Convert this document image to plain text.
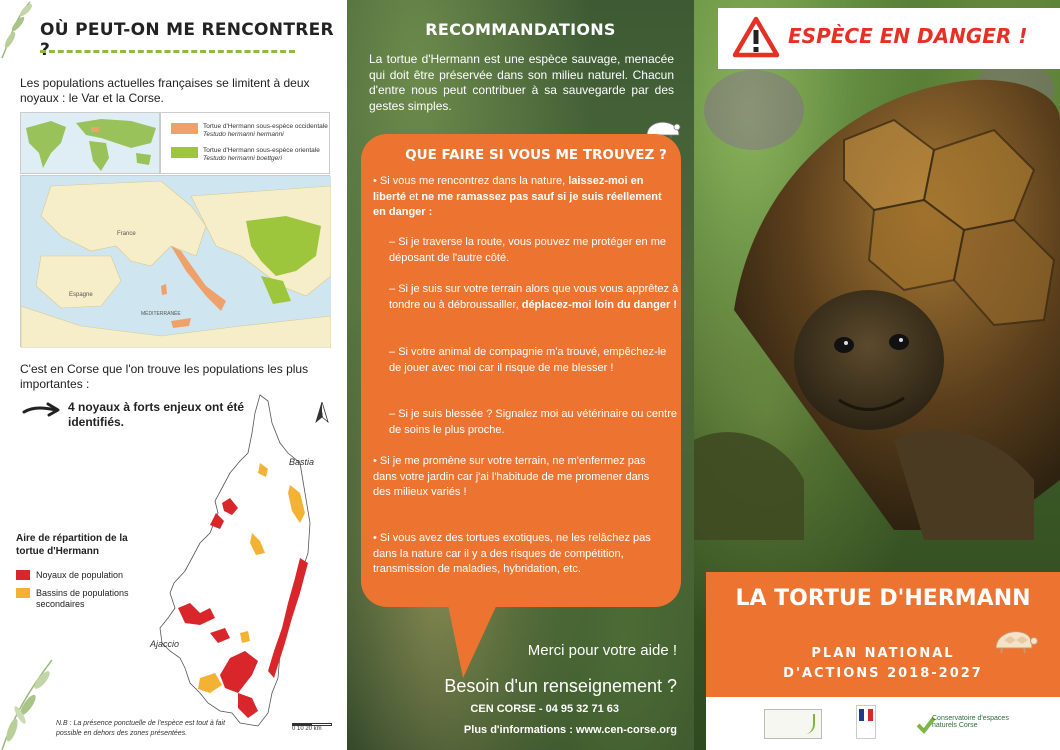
OÙ PEUT-ON ME RENCONTRER ?

Les populations actuelles françaises se limitent à deux noyaux : le Var et la Corse.

Tortue d'Hermann sous-espèce occidentale
Testudo hermanni hermanni
Tortue d'Hermann sous-espèce orientale
Testudo hermanni boettgeri
France
Espagne
MÉDITERRANÉE

C'est en Corse que l'on trouve les populations les plus importantes :

4 noyaux à forts enjeux ont été identifiés.	N
Bastia
Ajaccio

Aire de répartition de la tortue d'Hermann

Noyaux de population
Bassins de populations secondaires

N.B : La présence ponctuelle de l'espèce est tout à fait possible en dehors des zones présentées.

0 10 20 km
RECOMMANDATIONS

La tortue d'Hermann est une espèce sauvage, menacée qui doit être préservée dans son milieu naturel. Chacun d'entre nous peut contribuer à sa sauvegarde par des gestes simples.

QUE FAIRE SI VOUS ME TROUVEZ ?
• Si vous me rencontrez dans la nature, laissez-moi en liberté et ne me ramassez pas sauf si je suis réellement en danger :
– Si je traverse la route, vous pouvez me protéger en me déposant de l'autre côté.
– Si je suis sur votre terrain alors que vous vous apprêtez à tondre ou à débroussailler, déplacez-moi loin du danger !
– Si votre animal de compagnie m'a trouvé, empêchez-le de jouer avec moi car il risque de me blesser !
– Si je suis blessée ? Signalez moi au vétérinaire ou centre de soins le plus proche.
• Si je me promène sur votre terrain, ne m'enfermez pas dans votre jardin car j'ai l'habitude de me promener dans des milieux variés !
• Si vous avez des tortues exotiques, ne les relâchez pas dans la nature car il y a des risques de compétition, transmission de maladies, hybridation, etc.

Merci pour votre aide !

Besoin d'un renseignement ?

CEN CORSE - 04 95 32 71 63

Plus d'informations : www.cen-corse.org
ESPÈCE EN DANGER !
LA TORTUE D'HERMANN

PLAN NATIONAL
D'ACTIONS 2018-2027

Conservatoire d'espaces naturels Corse
